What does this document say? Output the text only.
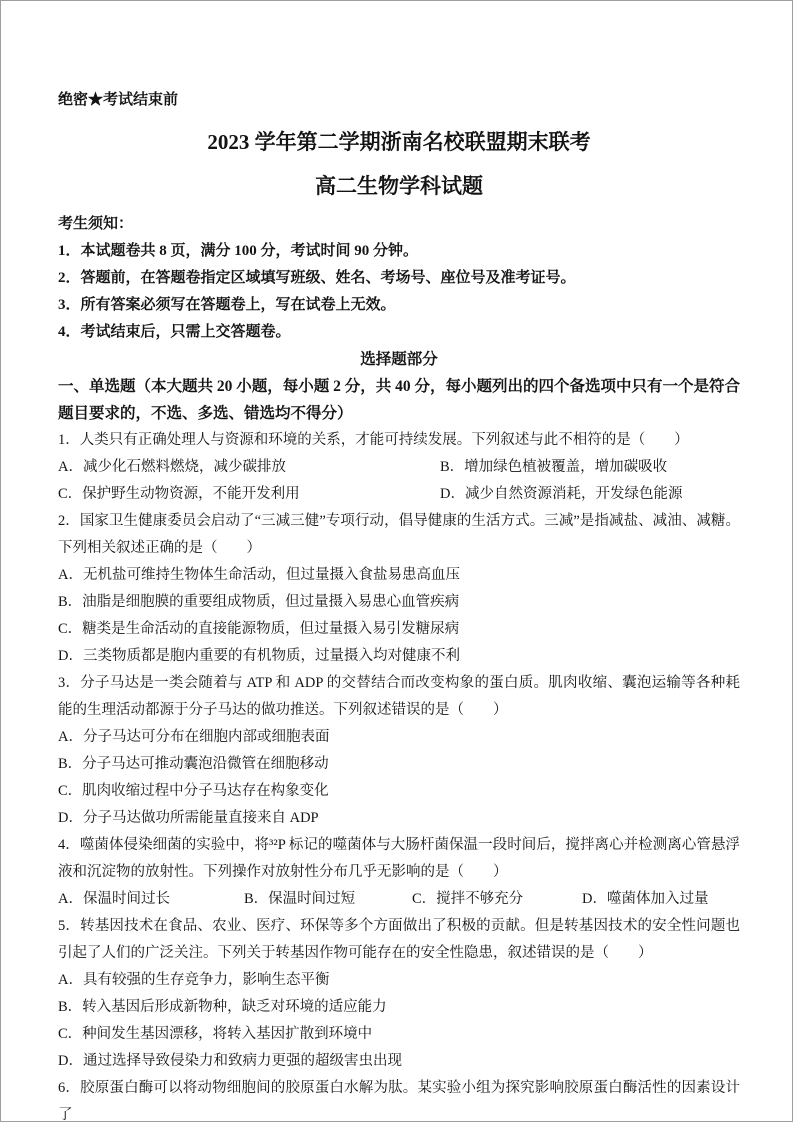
绝密★考试结束前
2023 学年第二学期浙南名校联盟期末联考
高二生物学科试题
考生须知：
1．本试题卷共 8 页，满分 100 分，考试时间 90 分钟。
2．答题前，在答题卷指定区域填写班级、姓名、考场号、座位号及准考证号。
3．所有答案必须写在答题卷上，写在试卷上无效。
4．考试结束后，只需上交答题卷。
选择题部分
一、单选题（本大题共 20 小题，每小题 2 分，共 40 分，每小题列出的四个备选项中只有一个是符合题目要求的，不选、多选、错选均不得分）

1．人类只有正确处理人与资源和环境的关系，才能可持续发展。下列叙述与此不相符的是（　　）

A．减少化石燃料燃烧，减少碳排放	B．增加绿色植被覆盖，增加碳吸收
C．保护野生动物资源，不能开发利用	D．减少自然资源消耗，开发绿色能源

2．国家卫生健康委员会启动了“三减三健”专项行动，倡导健康的生活方式。三减”是指减盐、减油、减糖。下列相关叙述正确的是（　　）

A．无机盐可维持生物体生命活动，但过量摄入食盐易患高血压
B．油脂是细胞膜的重要组成物质，但过量摄入易患心血管疾病
C．糖类是生命活动的直接能源物质，但过量摄入易引发糖尿病
D．三类物质都是胞内重要的有机物质，过量摄入均对健康不利

3．分子马达是一类会随着与 ATP 和 ADP 的交替结合而改变构象的蛋白质。肌肉收缩、囊泡运输等各种耗能的生理活动都源于分子马达的做功推送。下列叙述错误的是（　　）

A．分子马达可分布在细胞内部或细胞表面
B．分子马达可推动囊泡沿微管在细胞移动
C．肌肉收缩过程中分子马达存在构象变化
D．分子马达做功所需能量直接来自 ADP

4．噬菌体侵染细菌的实验中，将³²P 标记的噬菌体与大肠杆菌保温一段时间后，搅拌离心并检测离心管悬浮液和沉淀物的放射性。下列操作对放射性分布几乎无影响的是（　　）

A．保温时间过长	B．保温时间过短	C．搅拌不够充分	D．噬菌体加入过量

5．转基因技术在食品、农业、医疗、环保等多个方面做出了积极的贡献。但是转基因技术的安全性问题也引起了人们的广泛关注。下列关于转基因作物可能存在的安全性隐患，叙述错误的是（　　）

A．具有较强的生存竞争力，影响生态平衡
B．转入基因后形成新物种，缺乏对环境的适应能力
C．种间发生基因漂移，将转入基因扩散到环境中
D．通过选择导致侵染力和致病力更强的超级害虫出现

6．胶原蛋白酶可以将动物细胞间的胶原蛋白水解为肽。某实验小组为探究影响胶原蛋白酶活性的因素设计了
